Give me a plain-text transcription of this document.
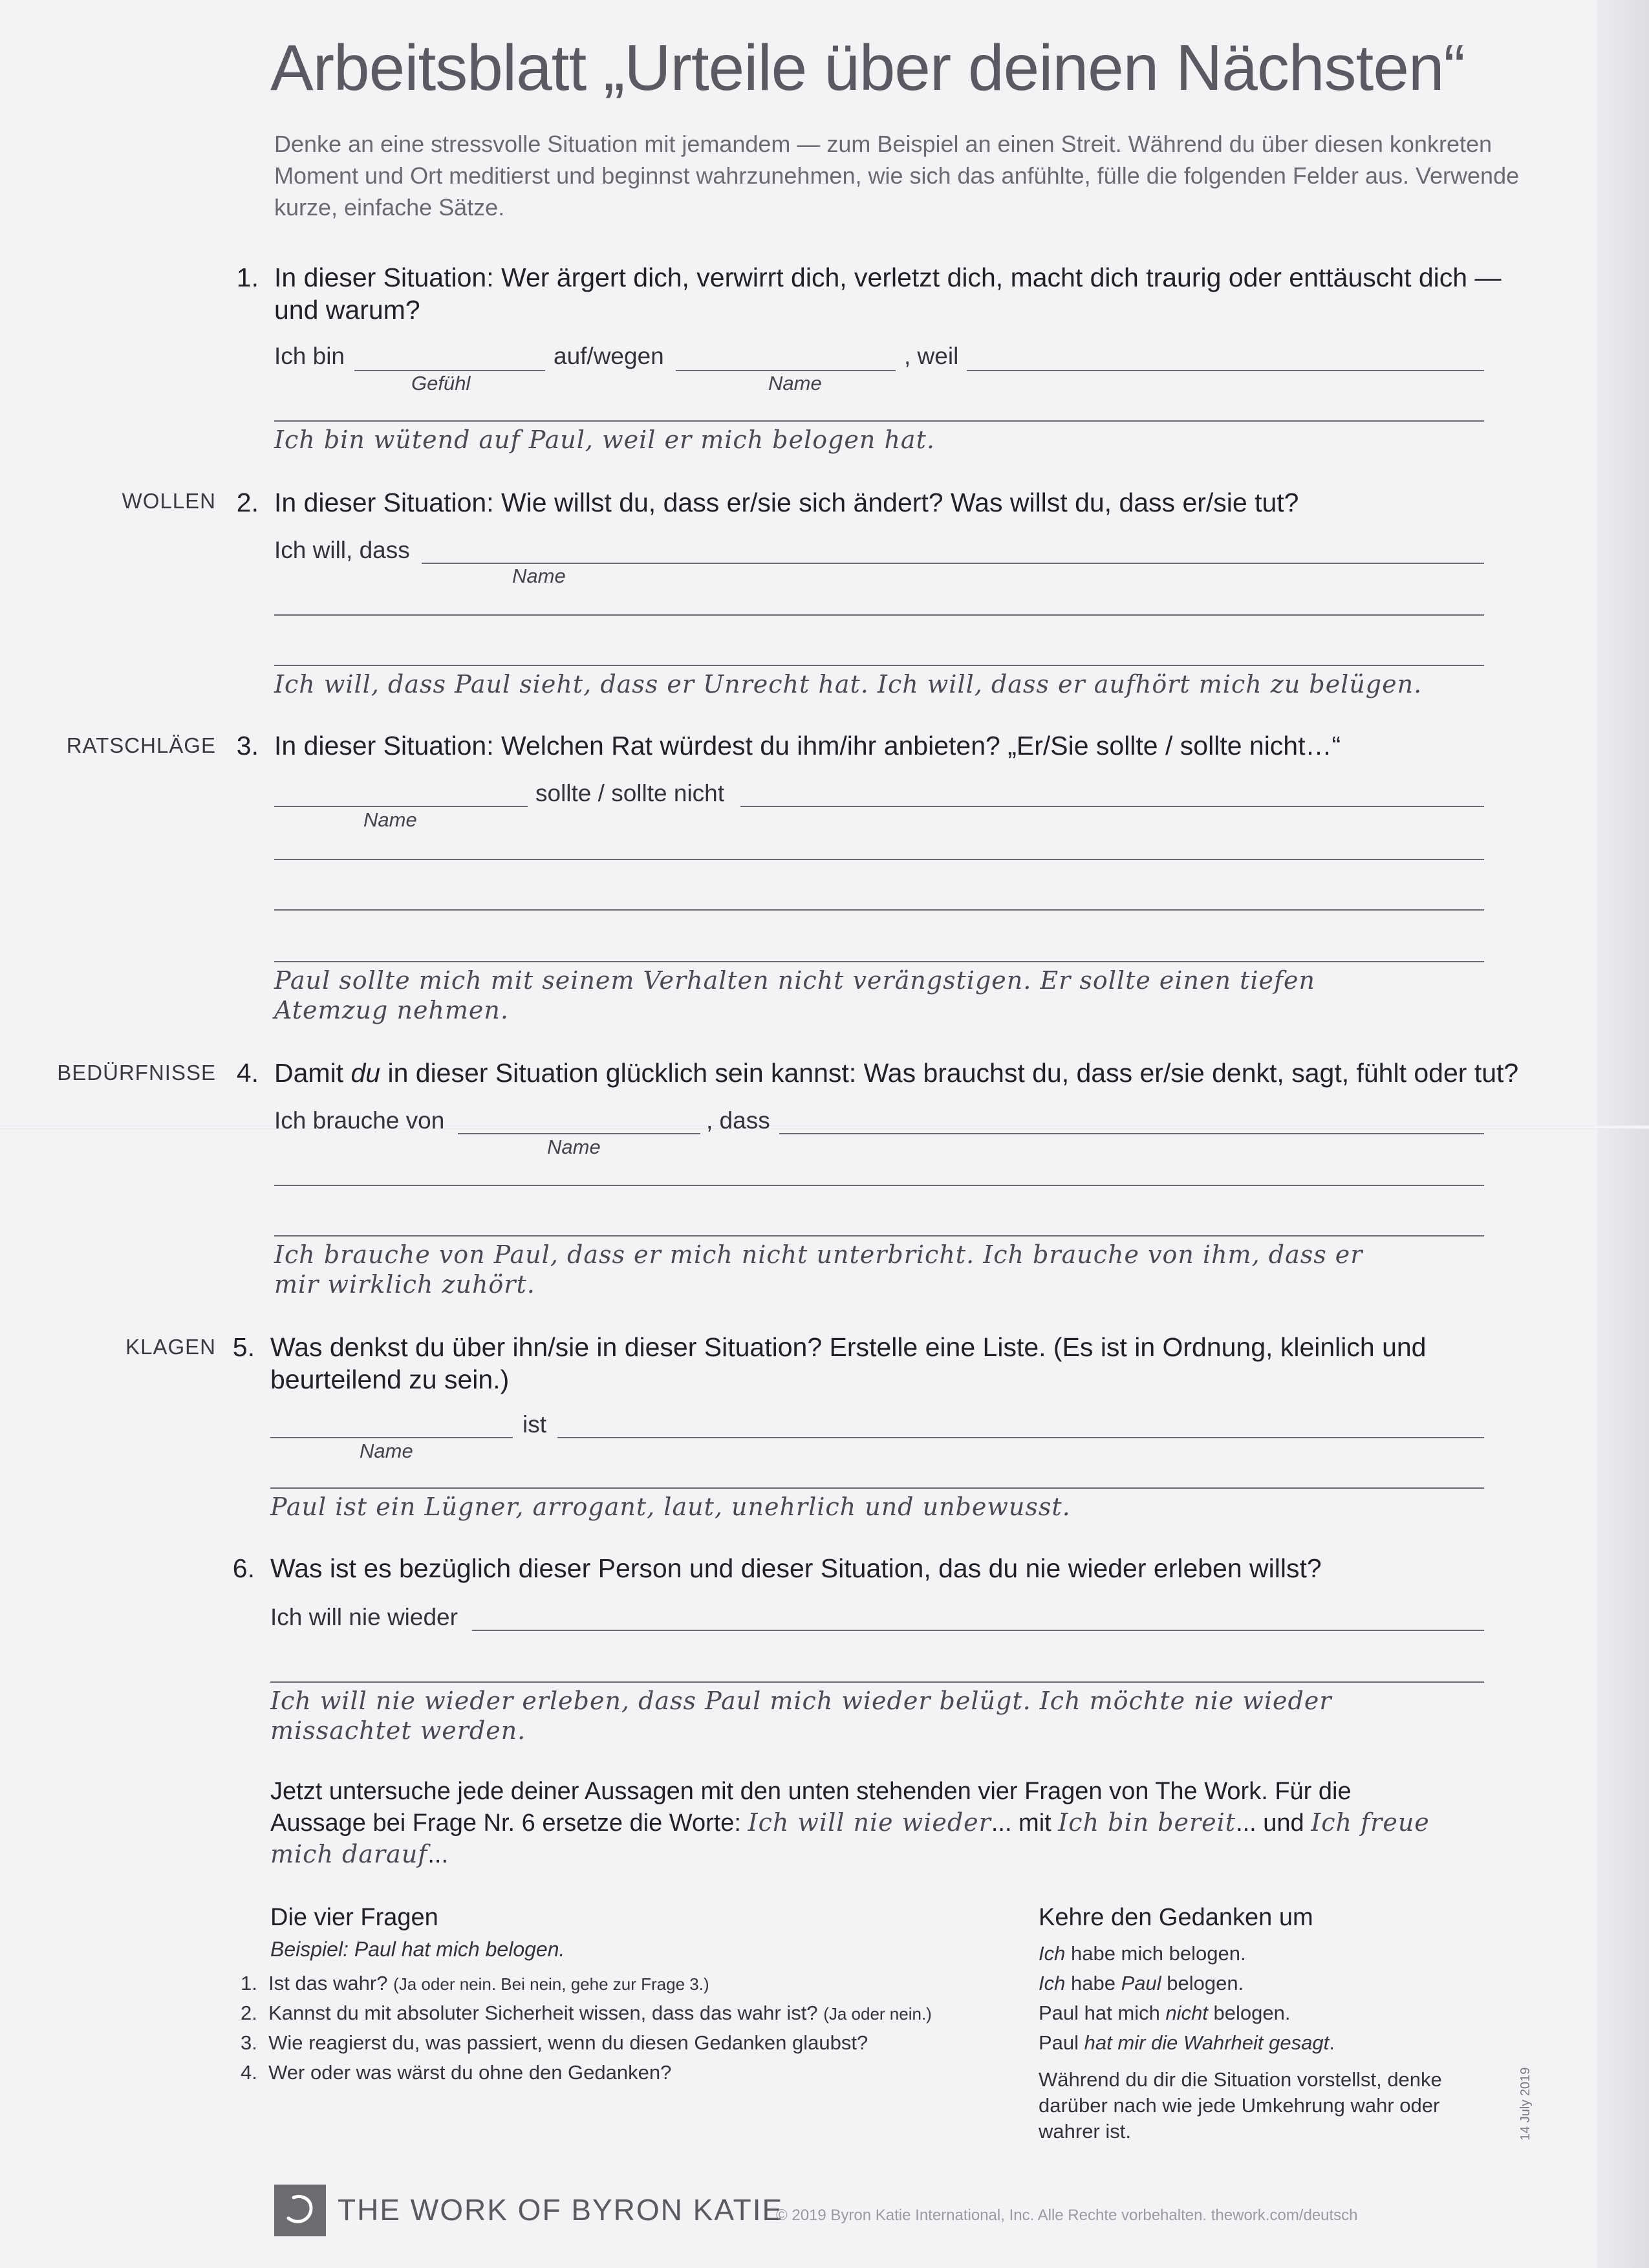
Arbeitsblatt „Urteile über deinen Nächsten“
Denke an eine stressvolle Situation mit jemandem — zum Beispiel an einen Streit. Während du über diesen konkreten Moment und Ort meditierst und beginnst wahrzunehmen, wie sich das anfühlte, fülle die folgenden Felder aus. Verwende kurze, einfache Sätze.
1. In dieser Situation: Wer ärgert dich, verwirrt dich, verletzt dich, macht dich traurig oder enttäuscht dich — und warum?
Ich bin	auf/wegen	, weil
Gefühl	Name
Ich bin wütend auf Paul, weil er mich belogen hat.
WOLLEN 2. In dieser Situation: Wie willst du, dass er/sie sich ändert? Was willst du, dass er/sie tut?
Ich will, dass
Name
Ich will, dass Paul sieht, dass er Unrecht hat. Ich will, dass er aufhört mich zu belügen.
RATSCHLÄGE 3. In dieser Situation: Welchen Rat würdest du ihm/ihr anbieten? „Er/Sie sollte / sollte nicht…“
sollte / sollte nicht
Name
Paul sollte mich mit seinem Verhalten nicht verängstigen. Er sollte einen tiefen
Atemzug nehmen.
BEDÜRFNISSE 4. Damit du in dieser Situation glücklich sein kannst: Was brauchst du, dass er/sie denkt, sagt, fühlt oder tut?
Ich brauche von	, dass
Name
Ich brauche von Paul, dass er mich nicht unterbricht. Ich brauche von ihm, dass er
mir wirklich zuhört.
KLAGEN 5. Was denkst du über ihn/sie in dieser Situation? Erstelle eine Liste. (Es ist in Ordnung, kleinlich und beurteilend zu sein.)
ist
Name
Paul ist ein Lügner, arrogant, laut, unehrlich und unbewusst.
6. Was ist es bezüglich dieser Person und dieser Situation, das du nie wieder erleben willst?
Ich will nie wieder
Ich will nie wieder erleben, dass Paul mich wieder belügt. Ich möchte nie wieder
missachtet werden.
Jetzt untersuche jede deiner Aussagen mit den unten stehenden vier Fragen von The Work. Für die
Aussage bei Frage Nr. 6 ersetze die Worte: Ich will nie wieder... mit Ich bin bereit... und Ich freue
mich darauf...
Die vier Fragen
Beispiel: Paul hat mich belogen.
1. Ist das wahr? (Ja oder nein. Bei nein, gehe zur Frage 3.)
2. Kannst du mit absoluter Sicherheit wissen, dass das wahr ist? (Ja oder nein.)
3. Wie reagierst du, was passiert, wenn du diesen Gedanken glaubst?
4. Wer oder was wärst du ohne den Gedanken?
Kehre den Gedanken um
Ich habe mich belogen.
Ich habe Paul belogen.
Paul hat mich nicht belogen.
Paul hat mir die Wahrheit gesagt.
Während du dir die Situation vorstellst, denke darüber nach wie jede Umkehrung wahr oder wahrer ist.
THE WORK OF BYRON KATIE
© 2019 Byron Katie International, Inc. Alle Rechte vorbehalten. thework.com/deutsch
14 July 2019
